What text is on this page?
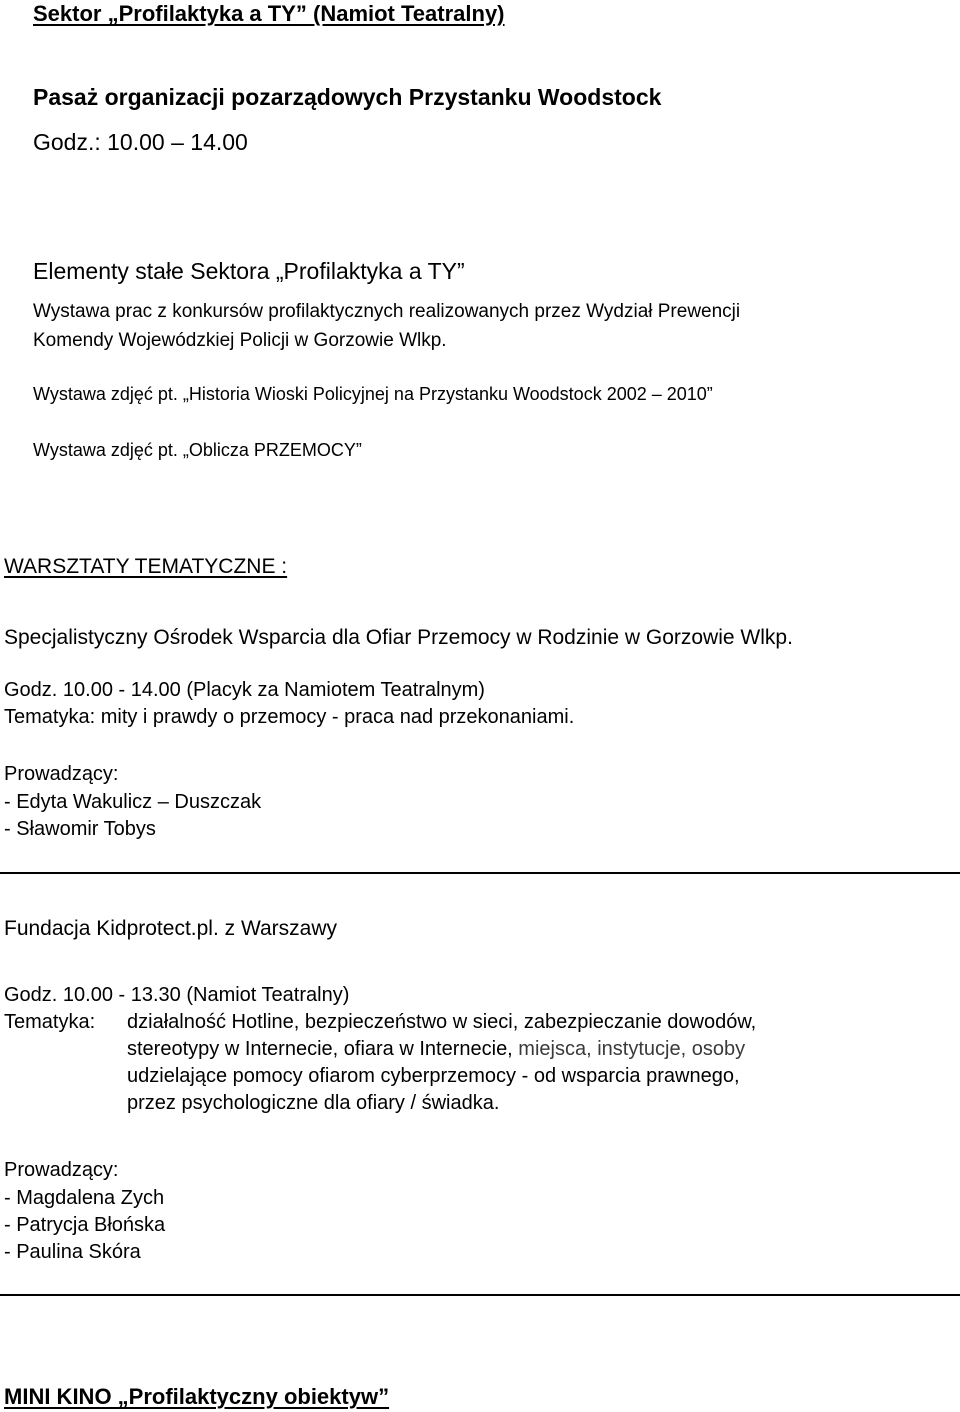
Sektor „Profilaktyka a TY” (Namiot Teatralny)
Pasaż organizacji pozarządowych Przystanku Woodstock
Godz.: 10.00 – 14.00
Elementy stałe Sektora „Profilaktyka a TY”
Wystawa prac z konkursów profilaktycznych realizowanych przez Wydział Prewencji
Komendy Wojewódzkiej Policji w Gorzowie Wlkp.
Wystawa zdjęć pt. „Historia Wioski Policyjnej na Przystanku Woodstock 2002 – 2010”
Wystawa zdjęć pt. „Oblicza PRZEMOCY”
WARSZTATY TEMATYCZNE :
Specjalistyczny Ośrodek Wsparcia dla Ofiar Przemocy w Rodzinie w Gorzowie Wlkp.
Godz. 10.00 - 14.00 (Placyk za Namiotem Teatralnym)
Tematyka: mity i prawdy o przemocy - praca nad przekonaniami.
Prowadzący:
- Edyta Wakulicz – Duszczak
- Sławomir Tobys
Fundacja Kidprotect.pl. z Warszawy
Godz. 10.00 - 13.30 (Namiot Teatralny)
Tematyka: działalność Hotline, bezpieczeństwo w sieci, zabezpieczanie dowodów,
stereotypy w Internecie, ofiara w Internecie, miejsca, instytucje, osoby
udzielające pomocy ofiarom cyberprzemocy - od wsparcia prawnego,
przez psychologiczne dla ofiary / świadka.
Prowadzący:
- Magdalena Zych
- Patrycja Błońska
- Paulina Skóra
MINI KINO „Profilaktyczny obiektyw”
